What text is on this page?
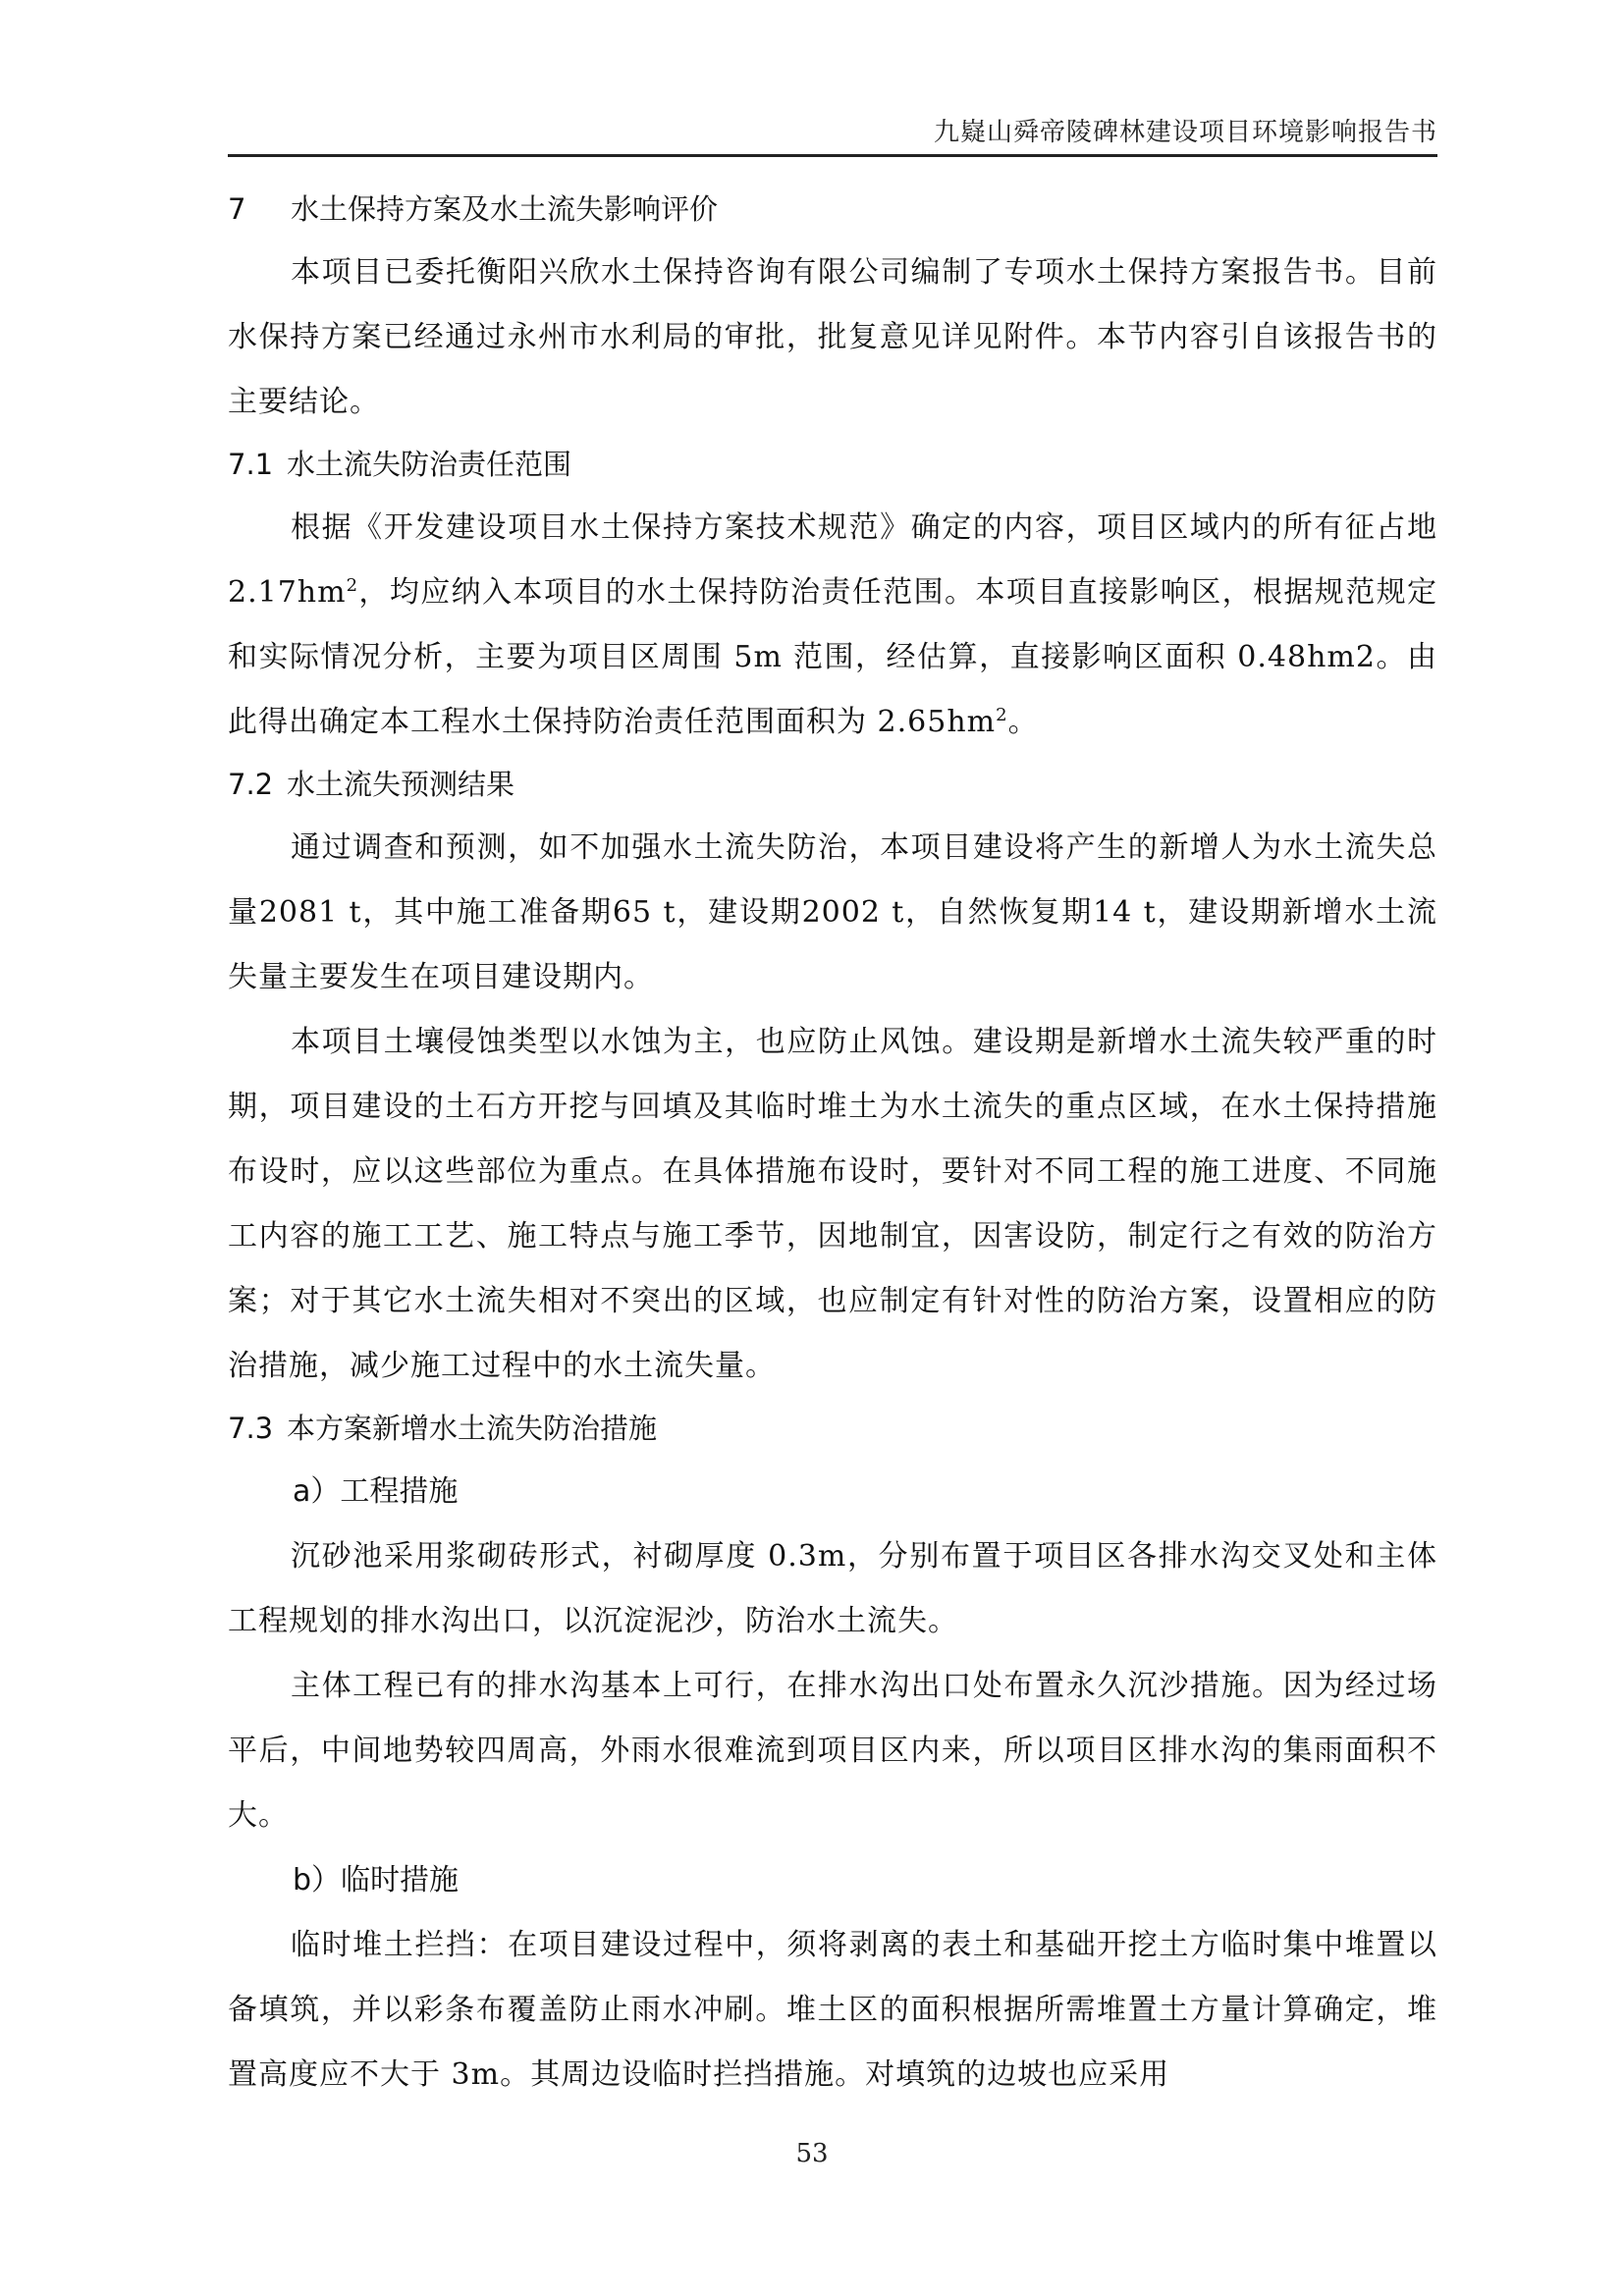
九嶷山舜帝陵碑林建设项目环境影响报告书
7 水土保持方案及水土流失影响评价

本项目已委托衡阳兴欣水土保持咨询有限公司编制了专项水土保持方案报告书。目前水保持方案已经通过永州市水利局的审批，批复意见详见附件。本节内容引自该报告书的主要结论。

7.1 水土流失防治责任范围

根据《开发建设项目水土保持方案技术规范》确定的内容，项目区域内的所有征占地 $2.17hm^2$，均应纳入本项目的水土保持防治责任范围。本项目直接影响区，根据规范规定和实际情况分析，主要为项目区周围 5m 范围，经估算，直接影响区面积 0.48hm2。由此得出确定本工程水土保持防治责任范围面积为 $2.65hm^2$。

7.2 水土流失预测结果

通过调查和预测，如不加强水土流失防治，本项目建设将产生的新增人为水土流失总量2081 t，其中施工准备期65 t，建设期2002 t，自然恢复期14 t，建设期新增水土流失量主要发生在项目建设期内。

本项目土壤侵蚀类型以水蚀为主，也应防止风蚀。建设期是新增水土流失较严重的时期，项目建设的土石方开挖与回填及其临时堆土为水土流失的重点区域，在水土保持措施布设时，应以这些部位为重点。在具体措施布设时，要针对不同工程的施工进度、不同施工内容的施工工艺、施工特点与施工季节，因地制宜，因害设防，制定行之有效的防治方案；对于其它水土流失相对不突出的区域，也应制定有针对性的防治方案，设置相应的防治措施，减少施工过程中的水土流失量。

7.3 本方案新增水土流失防治措施

a）工程措施

沉砂池采用浆砌砖形式，衬砌厚度 0.3m，分别布置于项目区各排水沟交叉处和主体工程规划的排水沟出口，以沉淀泥沙，防治水土流失。

主体工程已有的排水沟基本上可行，在排水沟出口处布置永久沉沙措施。因为经过场平后，中间地势较四周高，外雨水很难流到项目区内来，所以项目区排水沟的集雨面积不大。

b）临时措施

临时堆土拦挡：在项目建设过程中，须将剥离的表土和基础开挖土方临时集中堆置以备填筑，并以彩条布覆盖防止雨水冲刷。堆土区的面积根据所需堆置土方量计算确定，堆置高度应不大于 3m。其周边设临时拦挡措施。对填筑的边坡也应采用

53
